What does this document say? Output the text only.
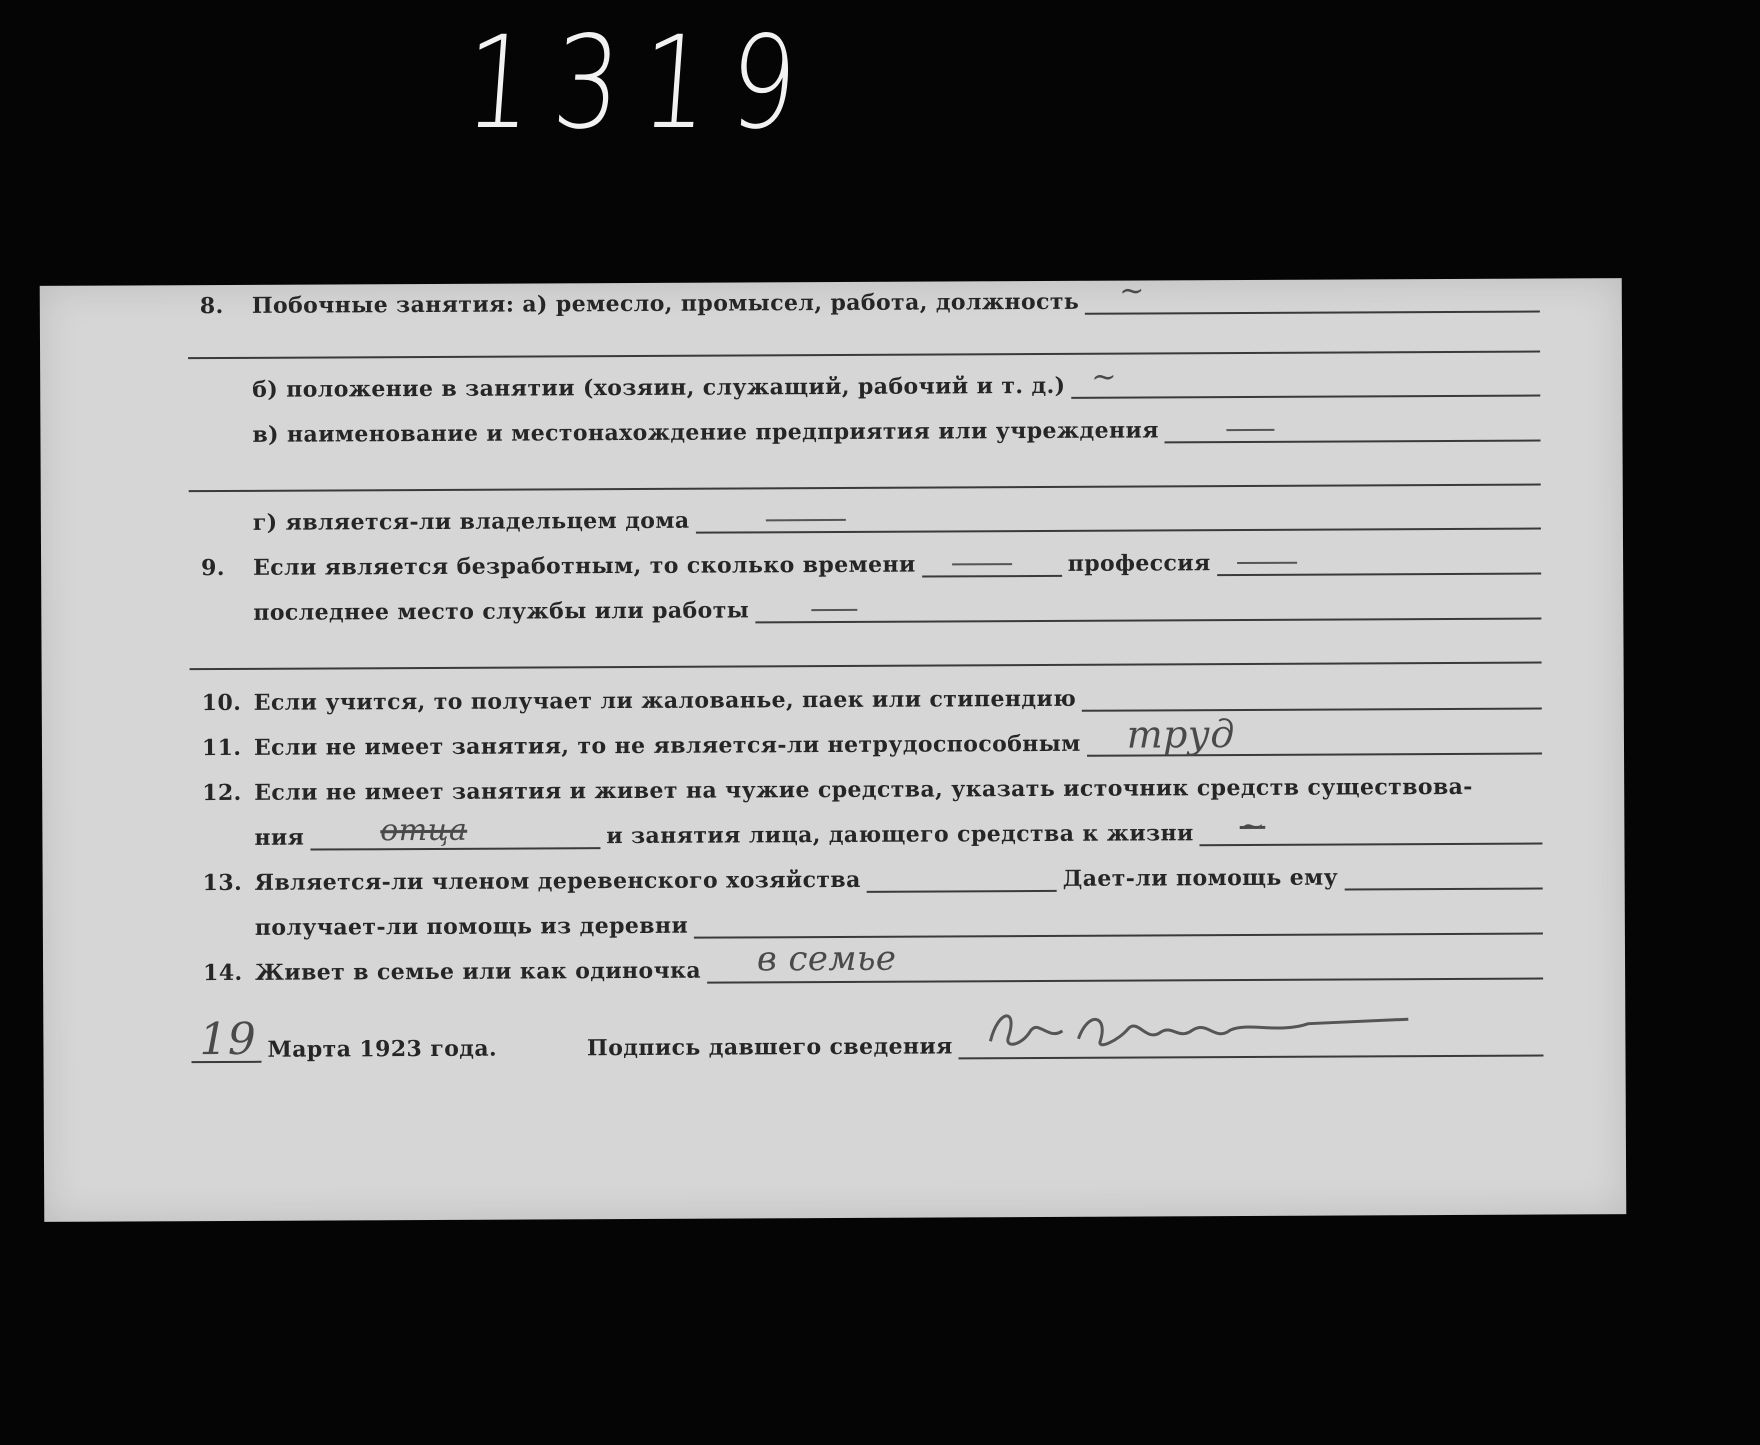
1319
8.	Побочные занятия: а) ремесло, промысел, работа, должность ~
б) положение в занятии (хозяин, служащий, рабочий и т. д.) ~
в) наименование и местонахождение предприятия или учреждения
г) является-ли владельцем дома
9.	Если является безработным, то сколько времени	профессия
последнее место службы или работы
10. Если учится, то получает ли жалованье, паек или стипендию
11. Если не имеет занятия, то не является-ли нетрудоспособным труд
12. Если не имеет занятия и живет на чужие средства, указать источник средств существова-
ния	отца	и занятия лица, дающего средства к жизни ~
13. Является-ли членом деревенского хозяйства	Дает-ли помощь ему
получает-ли помощь из деревни
14. Живет в семье или как одиночка в семье
19 Марта 1923 года.	Подпись давшего сведения
